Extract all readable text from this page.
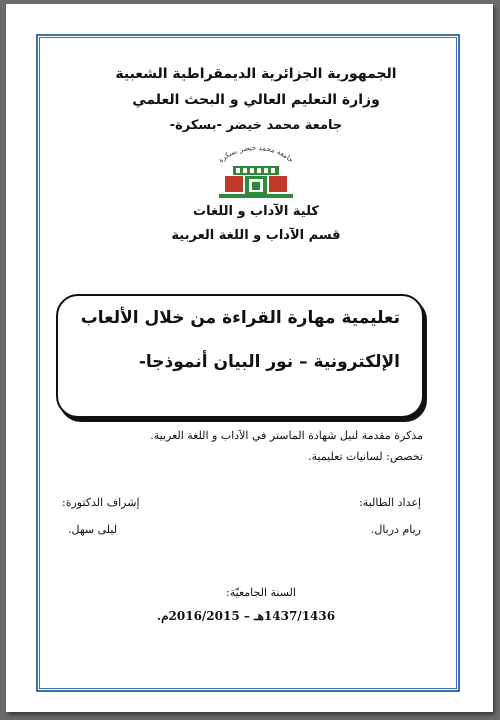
الجمهورية الجزائرية الديمقراطية الشعبية
وزارة التعليم العالي و البحث العلمي
جامعة محمد خيضر -بسكرة-
جامعة محمد خيضر بسكرة
كلية الآداب و اللغات
قسم الآداب و اللغة العربية
تعليمية مهارة القراءة من خلال الألعاب
الإلكترونية – نور البيان أنموذجا-
مذكرة مقدمة لنيل شهادة الماستر في الآداب و اللغة العربية.
تخصص: لسانيات تعليمية.
إعداد الطالبة:
ريام دربال.
إشراف الدكتورة:
ليلى سهل.
السنة الجامعيّة:
1437/1436هـ – 2016/2015م.
